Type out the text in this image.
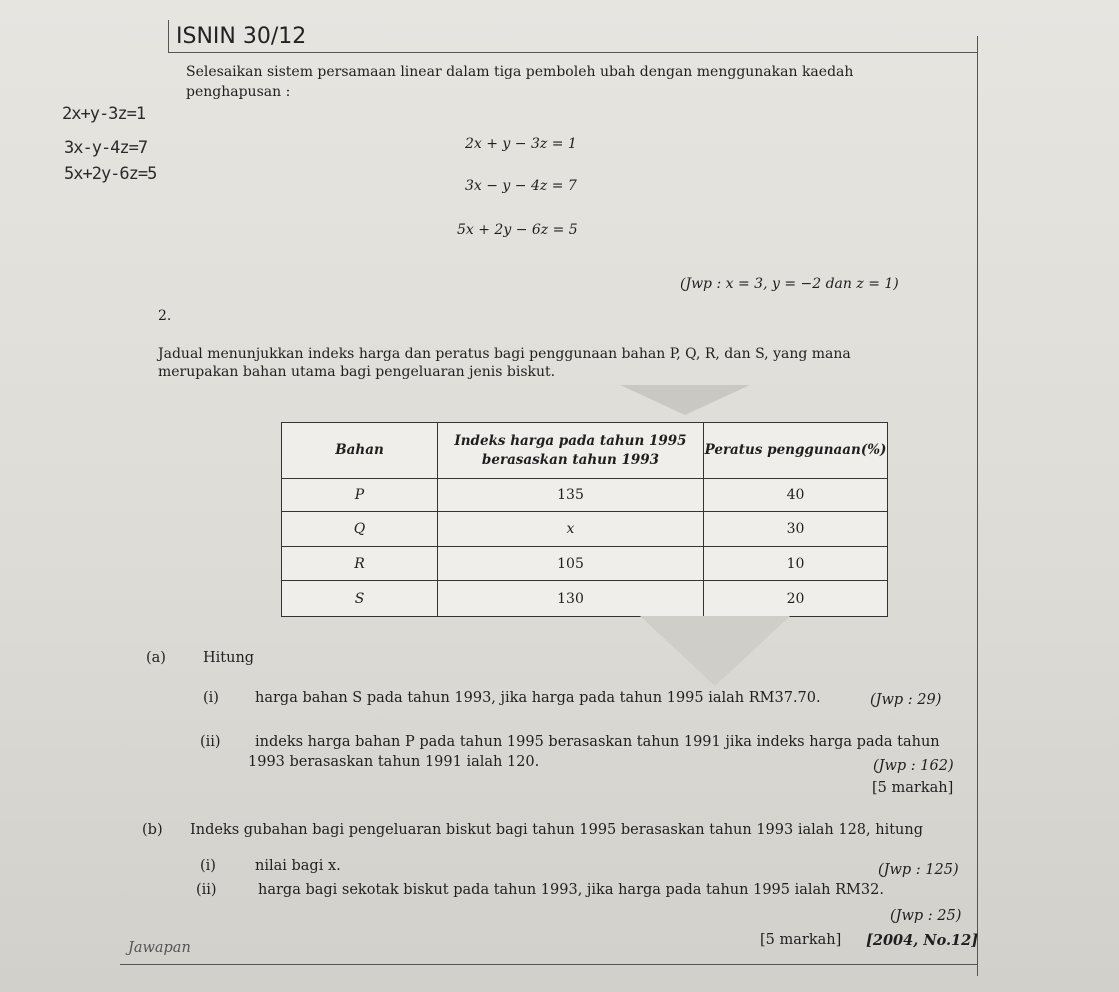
ISNIN 30/12
Selesaikan sistem persamaan linear dalam tiga pemboleh ubah dengan menggunakan kaedah
penghapusan :
2x+y-3z=1
3x-y-4z=7
5x+2y-6z=5
2x + y − 3z = 1
3x − y − 4z = 7
5x + 2y − 6z = 5
(Jwp : x = 3, y = −2 dan z = 1)
2.
Jadual menunjukkan indeks harga dan peratus bagi penggunaan bahan P, Q, R, dan S, yang mana
merupakan bahan utama bagi pengeluaran jenis biskut.
Bahan	Indeks harga pada tahun 1995 berasaskan tahun 1993	Peratus penggunaan(%)
P	135	40
Q	x	30
R	105	10
S	130	20
(a)	Hitung
(i) harga bahan S pada tahun 1993, jika harga pada tahun 1995 ialah RM37.70.	(Jwp : 29)
(ii) indeks harga bahan P pada tahun 1995 berasaskan tahun 1991 jika indeks harga pada tahun
1993 berasaskan tahun 1991 ialah 120.	(Jwp : 162)
[5 markah]
(b) Indeks gubahan bagi pengeluaran biskut bagi tahun 1995 berasaskan tahun 1993 ialah 128, hitung
(i)	nilai bagi x.	(Jwp : 125)
(ii)	harga bagi sekotak biskut pada tahun 1993, jika harga pada tahun 1995 ialah RM32.
(Jwp : 25)
[5 markah] [2004, No.12]
Jawapan
